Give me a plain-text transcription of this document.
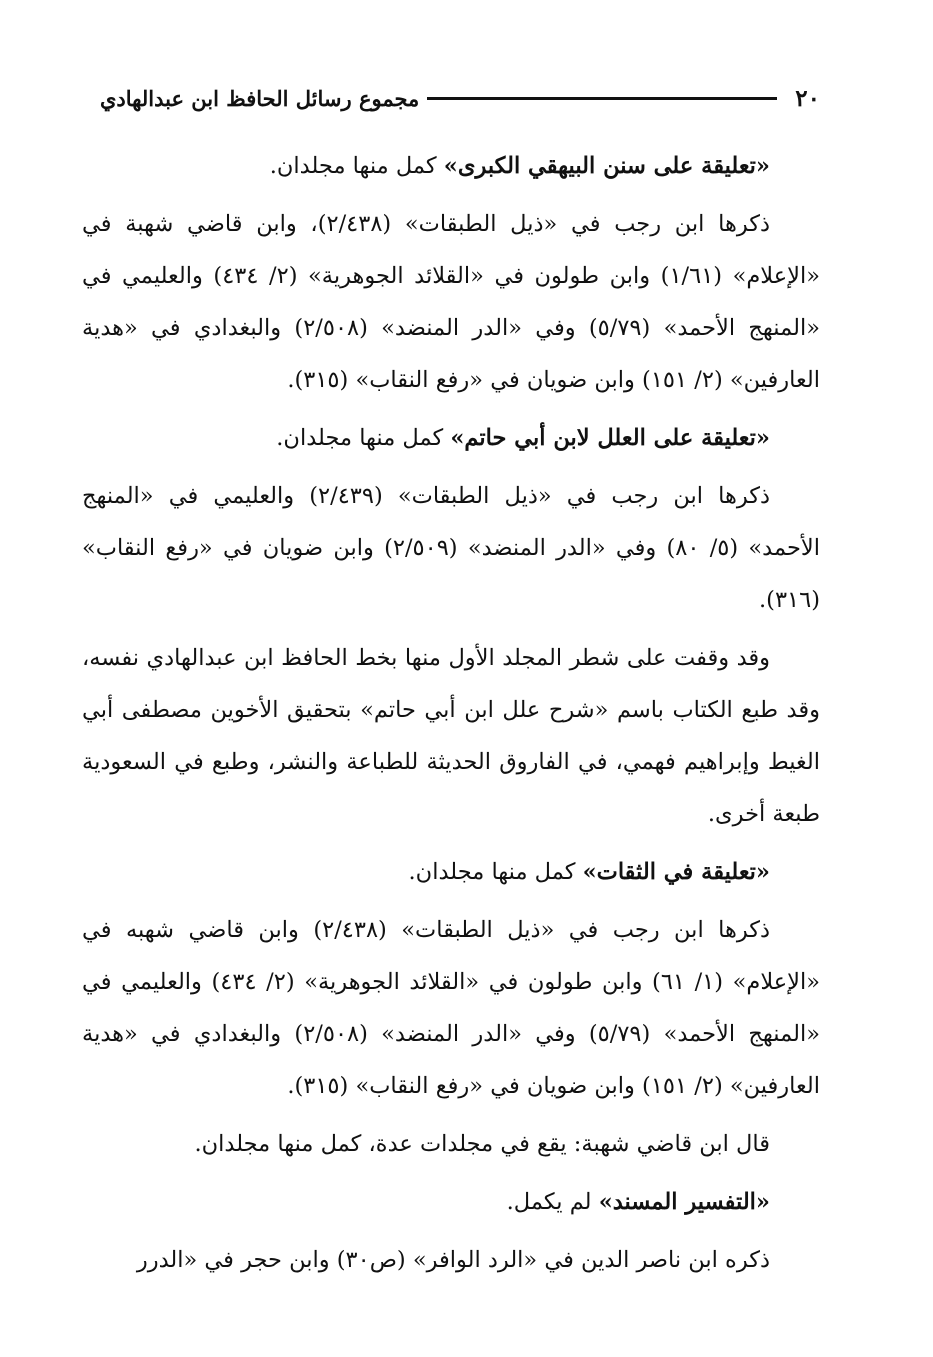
٢٠
مجموع رسائل الحافظ ابن عبدالهادي

«تعليقة على سنن البيهقي الكبرى» كمل منها مجلدان.

ذكرها ابن رجب في «ذيل الطبقات» (٢/٤٣٨)، وابن قاضي شهبة في «الإعلام» (١/٦١) وابن طولون في «القلائد الجوهرية» (٢/ ٤٣٤) والعليمي في «المنهج الأحمد» (٥/٧٩) وفي «الدر المنضد» (٢/٥٠٨) والبغدادي في «هدية العارفين» (٢/ ١٥١) وابن ضويان في «رفع النقاب» (٣١٥).

«تعليقة على العلل لابن أبي حاتم» كمل منها مجلدان.

ذكرها ابن رجب في «ذيل الطبقات» (٢/٤٣٩) والعليمي في «المنهج الأحمد» (٥/ ٨٠) وفي «الدر المنضد» (٢/٥٠٩) وابن ضويان في «رفع النقاب» (٣١٦).

وقد وقفت على شطر المجلد الأول منها بخط الحافظ ابن عبدالهادي نفسه، وقد طبع الكتاب باسم «شرح علل ابن أبي حاتم» بتحقيق الأخوين مصطفى أبي الغيط وإبراهيم فهمي، في الفاروق الحديثة للطباعة والنشر، وطبع في السعودية طبعة أخرى.

«تعليقة في الثقات» كمل منها مجلدان.

ذكرها ابن رجب في «ذيل الطبقات» (٢/٤٣٨) وابن قاضي شهبه في «الإعلام» (١/ ٦١) وابن طولون في «القلائد الجوهرية» (٢/ ٤٣٤) والعليمي في «المنهج الأحمد» (٥/٧٩) وفي «الدر المنضد» (٢/٥٠٨) والبغدادي في «هدية العارفين» (٢/ ١٥١) وابن ضويان في «رفع النقاب» (٣١٥).

قال ابن قاضي شهبة: يقع في مجلدات عدة، كمل منها مجلدان.

«التفسير المسند» لم يكمل.

ذكره ابن ناصر الدين في «الرد الوافر» (ص٣٠) وابن حجر في «الدرر
